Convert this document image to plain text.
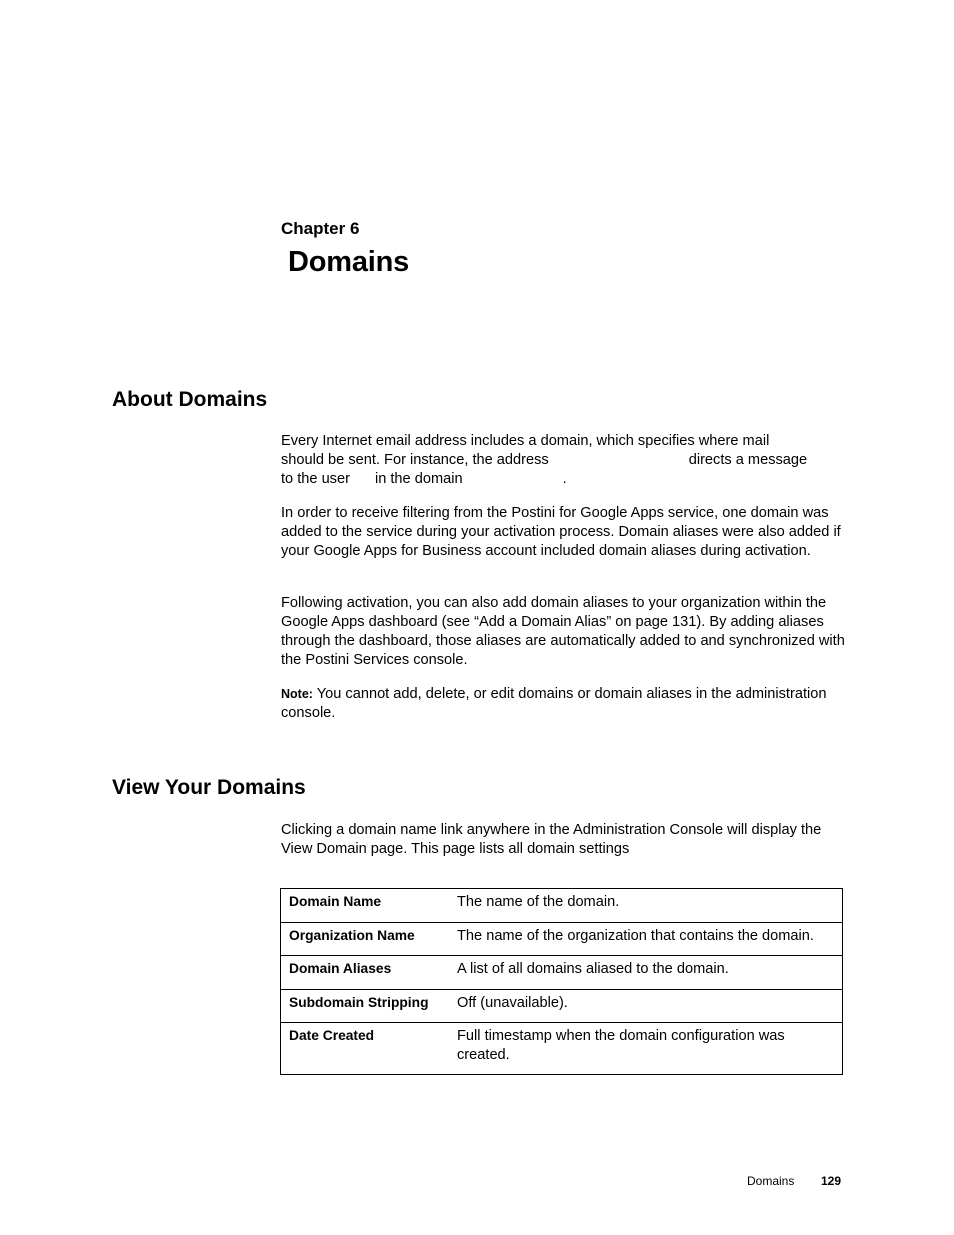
Chapter 6
Domains
About Domains
Every Internet email address includes a domain, which specifies where mail
should be sent. For instance, the address	directs a message
to the user in the domain	.
In order to receive filtering from the Postini for Google Apps service, one domain was added to the service during your activation process. Domain aliases were also added if your Google Apps for Business account included domain aliases during activation.
Following activation, you can also add domain aliases to your organization within the Google Apps dashboard (see “Add a Domain Alias” on page 131). By adding aliases through the dashboard, those aliases are automatically added to and synchronized with the Postini Services console.
Note: You cannot add, delete, or edit domains or domain aliases in the administration console.
View Your Domains
Clicking a domain name link anywhere in the Administration Console will display the View Domain page. This page lists all domain settings
Domain Name	The name of the domain.
Organization Name	The name of the organization that contains the domain.
Domain Aliases	A list of all domains aliased to the domain.
Subdomain Stripping	Off (unavailable).
Date Created	Full timestamp when the domain configuration was created.
Domains 129
